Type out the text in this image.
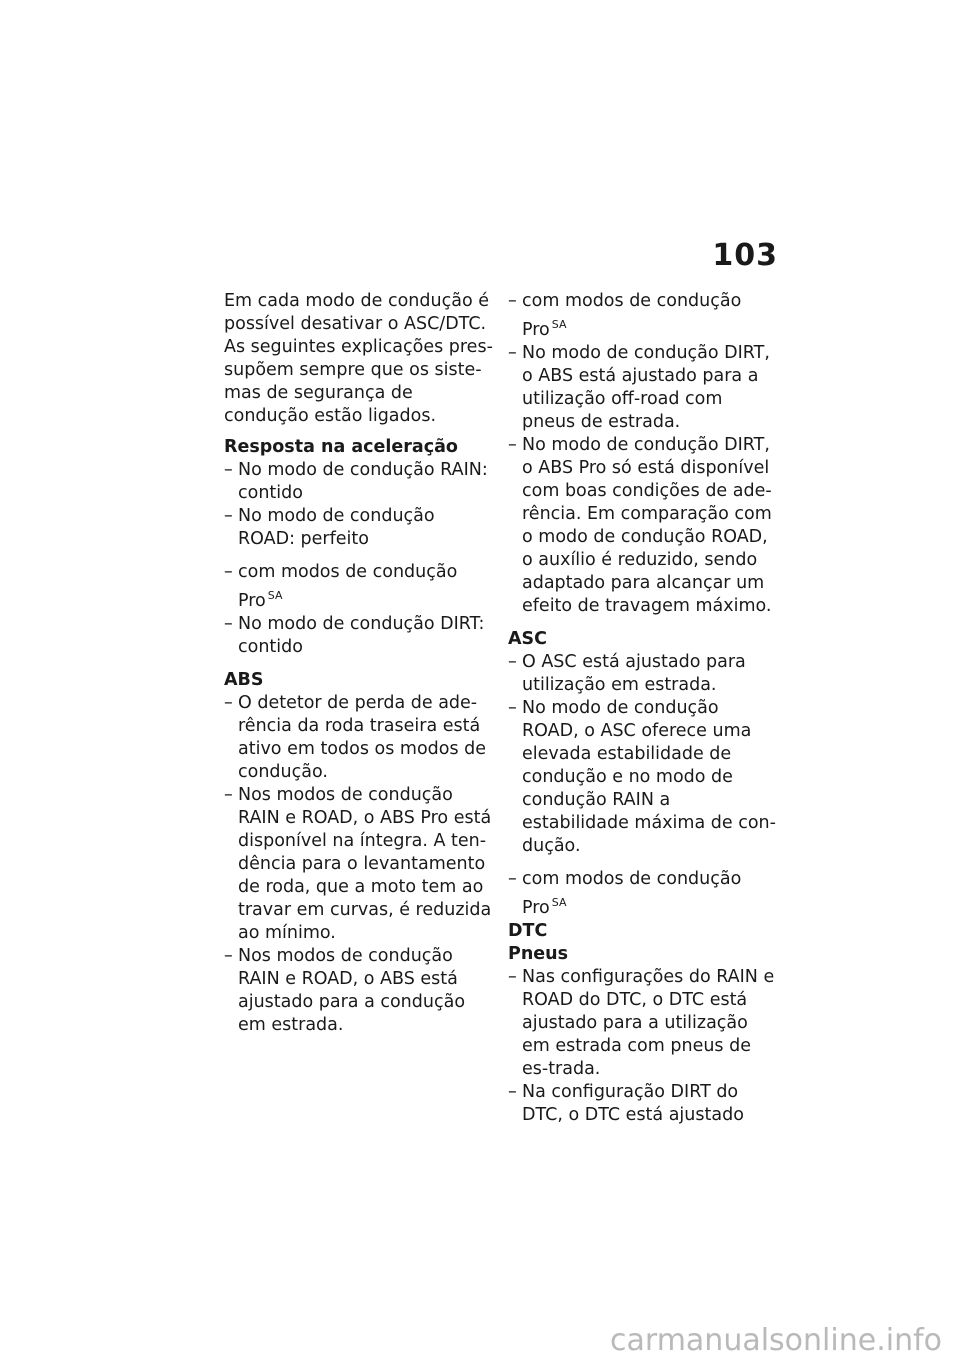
103

Em cada modo de condução é possível desativar o ASC/DTC. As seguintes explicações pres-supõem sempre que os siste-mas de segurança de condução estão ligados.

Resposta na aceleração

– No modo de condução RAIN: contido

– No modo de condução ROAD: perfeito

– com modos de condução Pro $^{SA}$

– No modo de condução DIRT: contido

ABS

– O detetor de perda de ade-rência da roda traseira está ativo em todos os modos de condução.

– Nos modos de condução RAIN e ROAD, o ABS Pro está disponível na íntegra. A ten-dência para o levantamento de roda, que a moto tem ao travar em curvas, é reduzida ao mínimo.

– Nos modos de condução RAIN e ROAD, o ABS está ajustado para a condução em estrada.

– com modos de condução Pro $^{SA}$

– No modo de condução DIRT, o ABS está ajustado para a utilização off-road com pneus de estrada.

– No modo de condução DIRT, o ABS Pro só está disponível com boas condições de ade-rência. Em comparação com o modo de condução ROAD, o auxílio é reduzido, sendo adaptado para alcançar um efeito de travagem máximo.

ASC

– O ASC está ajustado para utilização em estrada.

– No modo de condução ROAD, o ASC oferece uma elevada estabilidade de condução e no modo de condução RAIN a estabilidade máxima de con-dução.

– com modos de condução Pro $^{SA}$

DTC

Pneus

– Nas configurações do RAIN e ROAD do DTC, o DTC está ajustado para a utilização em estrada com pneus de es-trada.

– Na configuração DIRT do DTC, o DTC está ajustado

carmanualsonline.info
